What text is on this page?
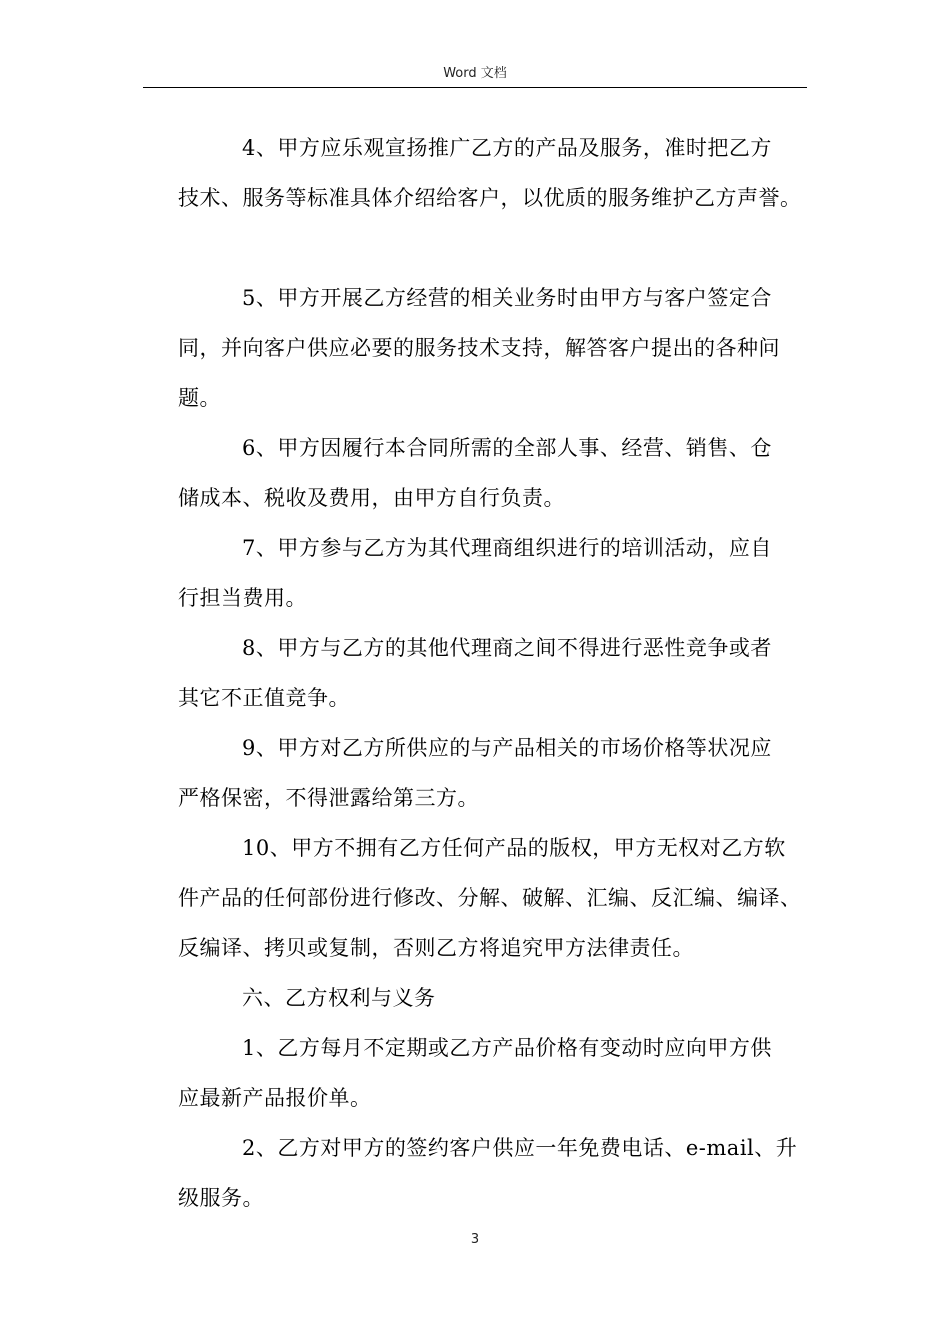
Word 文档

4、甲方应乐观宣扬推广乙方的产品及服务，准时把乙方
技术、服务等标准具体介绍给客户，以优质的服务维护乙方声誉。

5、甲方开展乙方经营的相关业务时由甲方与客户签定合
同，并向客户供应必要的服务技术支持，解答客户提出的各种问
题。

6、甲方因履行本合同所需的全部人事、经营、销售、仓
储成本、税收及费用，由甲方自行负责。

7、甲方参与乙方为其代理商组织进行的培训活动，应自
行担当费用。

8、甲方与乙方的其他代理商之间不得进行恶性竞争或者
其它不正值竞争。

9、甲方对乙方所供应的与产品相关的市场价格等状况应
严格保密，不得泄露给第三方。

10、甲方不拥有乙方任何产品的版权，甲方无权对乙方软
件产品的任何部份进行修改、分解、破解、汇编、反汇编、编译、
反编译、拷贝或复制，否则乙方将追究甲方法律责任。

六、乙方权利与义务

1、乙方每月不定期或乙方产品价格有变动时应向甲方供
应最新产品报价单。

2、乙方对甲方的签约客户供应一年免费电话、e-mail、升
级服务。

3
